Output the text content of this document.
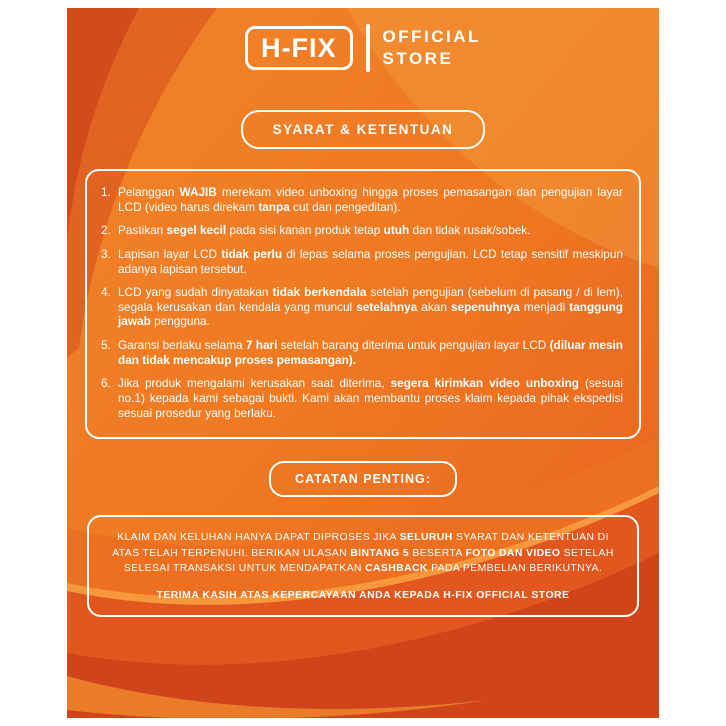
H-FIX	OFFICIAL
STORE
SYARAT & KETENTUAN
1. Pelanggan WAJIB merekam video unboxing hingga proses pemasangan dan pengujian layar LCD (video harus direkam tanpa cut dan pengeditan).
2. Pastikan segel kecil pada sisi kanan produk tetap utuh dan tidak rusak/sobek.
3. Lapisan layar LCD tidak perlu di lepas selama proses pengujian. LCD tetap sensitif meskipun adanya lapisan tersebut.
4. LCD yang sudah dinyatakan tidak berkendala setelah pengujian (sebelum di pasang / di lem), segala kerusakan dan kendala yang muncul setelahnya akan sepenuhnya menjadi tanggung jawab pengguna.
5. Garansi berlaku selama 7 hari setelah barang diterima untuk pengujian layar LCD (diluar mesin dan tidak mencakup proses pemasangan).
6. Jika produk mengalami kerusakan saat diterima, segera kirimkan video unboxing (sesuai no.1) kepada kami sebagai bukti. Kami akan membantu proses klaim kepada pihak ekspedisi sesuai prosedur yang berlaku.
CATATAN PENTING:
KLAIM DAN KELUHAN HANYA DAPAT DIPROSES JIKA SELURUH SYARAT DAN KETENTUAN DI ATAS TELAH TERPENUHI. BERIKAN ULASAN BINTANG 5 BESERTA FOTO DAN VIDEO SETELAH SELESAI TRANSAKSI UNTUK MENDAPATKAN CASHBACK PADA PEMBELIAN BERIKUTNYA.
TERIMA KASIH ATAS KEPERCAYAAN ANDA KEPADA H-FIX OFFICIAL STORE
